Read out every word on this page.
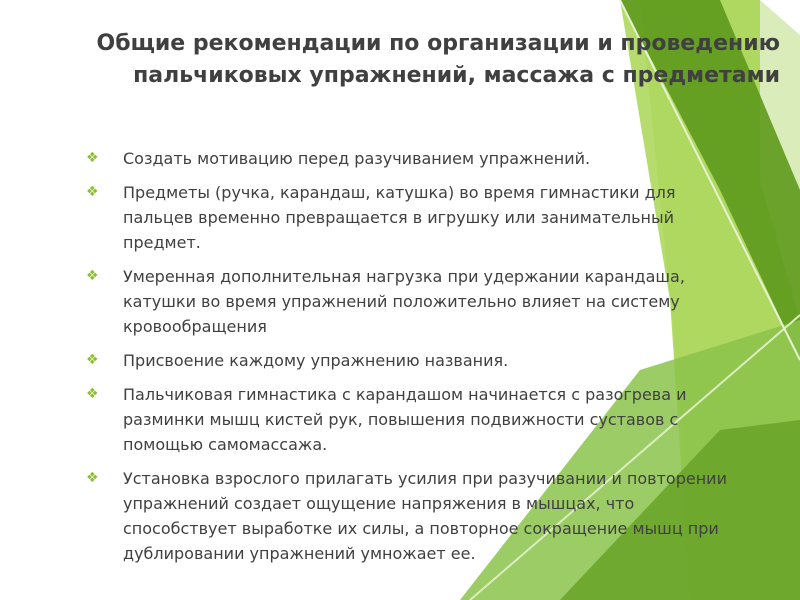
Общие рекомендации по организации и проведению
пальчиковых упражнений, массажа с предметами
❖	Создать мотивацию перед разучиванием упражнений.
❖	Предметы (ручка, карандаш, катушка) во время гимнастики для
пальцев временно превращается в игрушку или занимательный
предмет.
❖	Умеренная дополнительная нагрузка при удержании карандаша,
катушки во время упражнений положительно влияет на систему
кровообращения
❖	Присвоение каждому упражнению названия.
❖	Пальчиковая гимнастика с карандашом начинается с разогрева и
разминки мышц кистей рук, повышения подвижности суставов с
помощью самомассажа.
❖	Установка взрослого прилагать усилия при разучивании и повторении
упражнений создает ощущение напряжения в мышцах, что
способствует выработке их силы, а повторное сокращение мышц при
дублировании упражнений умножает ее.
